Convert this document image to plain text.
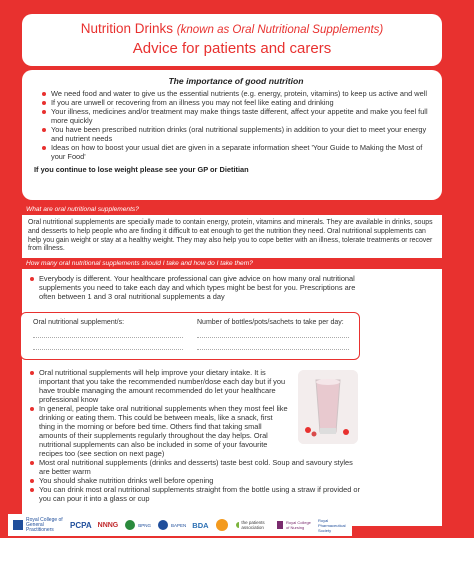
Nutrition Drinks (known as Oral Nutritional Supplements)
Advice for patients and carers
The importance of good nutrition
We need food and water to give us the essential nutrients (e.g. energy, protein, vitamins) to keep us active and well
If you are unwell or recovering from an illness you may not feel like eating and drinking
Your illness, medicines and/or treatment may make things taste different, affect your appetite and make you feel full more quickly
You have been prescribed nutrition drinks (oral nutritional supplements) in addition to your diet to meet your energy and nutrient needs
Ideas on how to boost your usual diet are given in a separate information sheet 'Your Guide to Making the Most of your Food'
If you continue to lose weight please see your GP or Dietitian
What are oral nutritional supplements?
Oral nutritional supplements are specially made to contain energy, protein, vitamins and minerals. They are available in drinks, soups and desserts to help people who are finding it difficult to eat enough to get the nutrition they need. Oral nutritional supplements can help you gain weight or stay at a healthy weight. They may also help you to cope better with an illness, tolerate treatments or recover from illness.
How many oral nutritional supplements should I take and how do I take them?
Everybody is different. Your healthcare professional can give advice on how many oral nutritional supplements you need to take each day and which types might be best for you. Prescriptions are often between 1 and 3 oral nutritional supplements a day
Oral nutritional supplement/s:	Number of bottles/pots/sachets to take per day:
Oral nutritional supplements will help improve your dietary intake. It is important that you take the recommended number/dose each day but if you have trouble managing the amount recommended do let your healthcare professional know
In general, people take oral nutritional supplements when they most feel like drinking or eating them. This could be between meals, like a snack, first thing in the morning or before bed time. Others find that taking small amounts of their supplements regularly throughout the day helps. Oral nutritional supplements can also be included in some of your favourite recipes too (see section on next page)
Most oral nutritional supplements (drinks and desserts) taste best cold. Soup and savoury styles are better warm
You should shake nutrition drinks well before opening
You can drink most oral nutritional supplements straight from the bottle using a straw if provided or you can pour it into a glass or cup
Royal College of General Practitioners	PCPA NNNG	BPNG	BAPEN BDA	the patients association
Royal College of Nursing
Royal Pharmaceutical Society
